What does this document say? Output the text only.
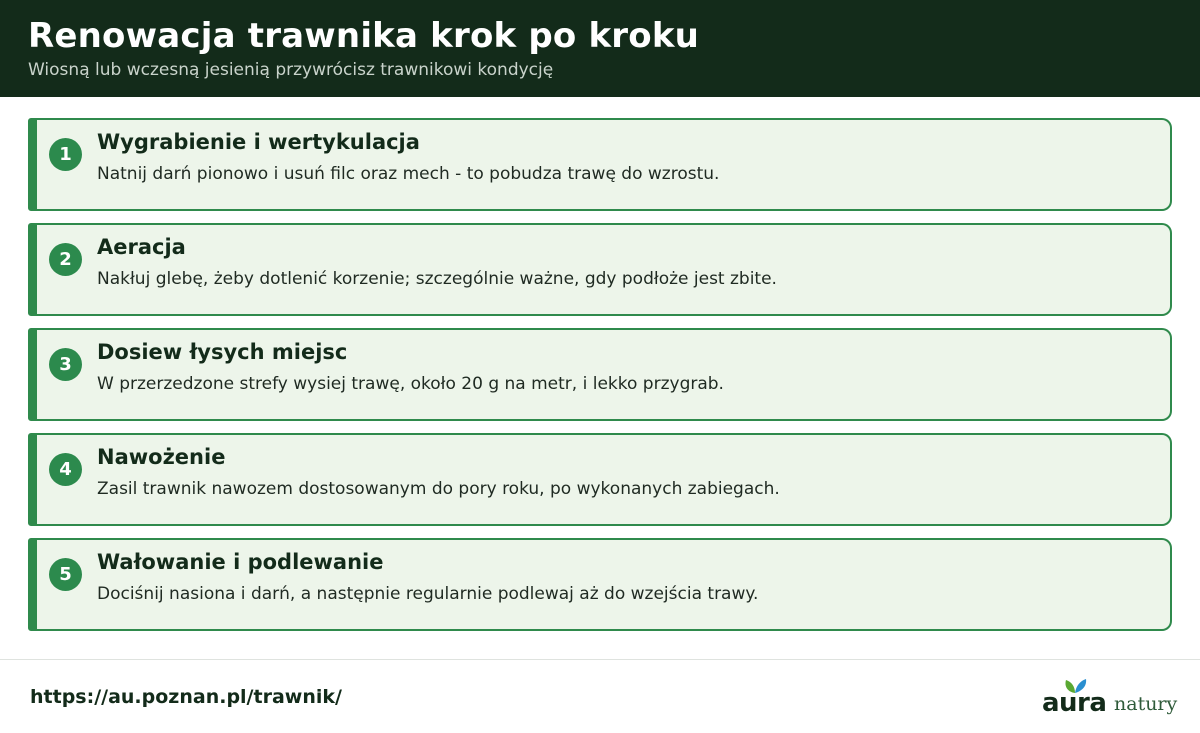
Renowacja trawnika krok po kroku

Wiosną lub wczesną jesienią przywrócisz trawnikowi kondycję

1
Wygrabienie i wertykulacja
Natnij darń pionowo i usuń filc oraz mech - to pobudza trawę do wzrostu.
2
Aeracja
Nakłuj glebę, żeby dotlenić korzenie; szczególnie ważne, gdy podłoże jest zbite.
3
Dosiew łysych miejsc
W przerzedzone strefy wysiej trawę, około 20 g na metr, i lekko przygrab.
4
Nawożenie
Zasil trawnik nawozem dostosowanym do pory roku, po wykonanych zabiegach.
5
Wałowanie i podlewanie
Dociśnij nasiona i darń, a następnie regularnie podlewaj aż do wzejścia trawy.
https://au.poznan.pl/trawnik/	aura natury
